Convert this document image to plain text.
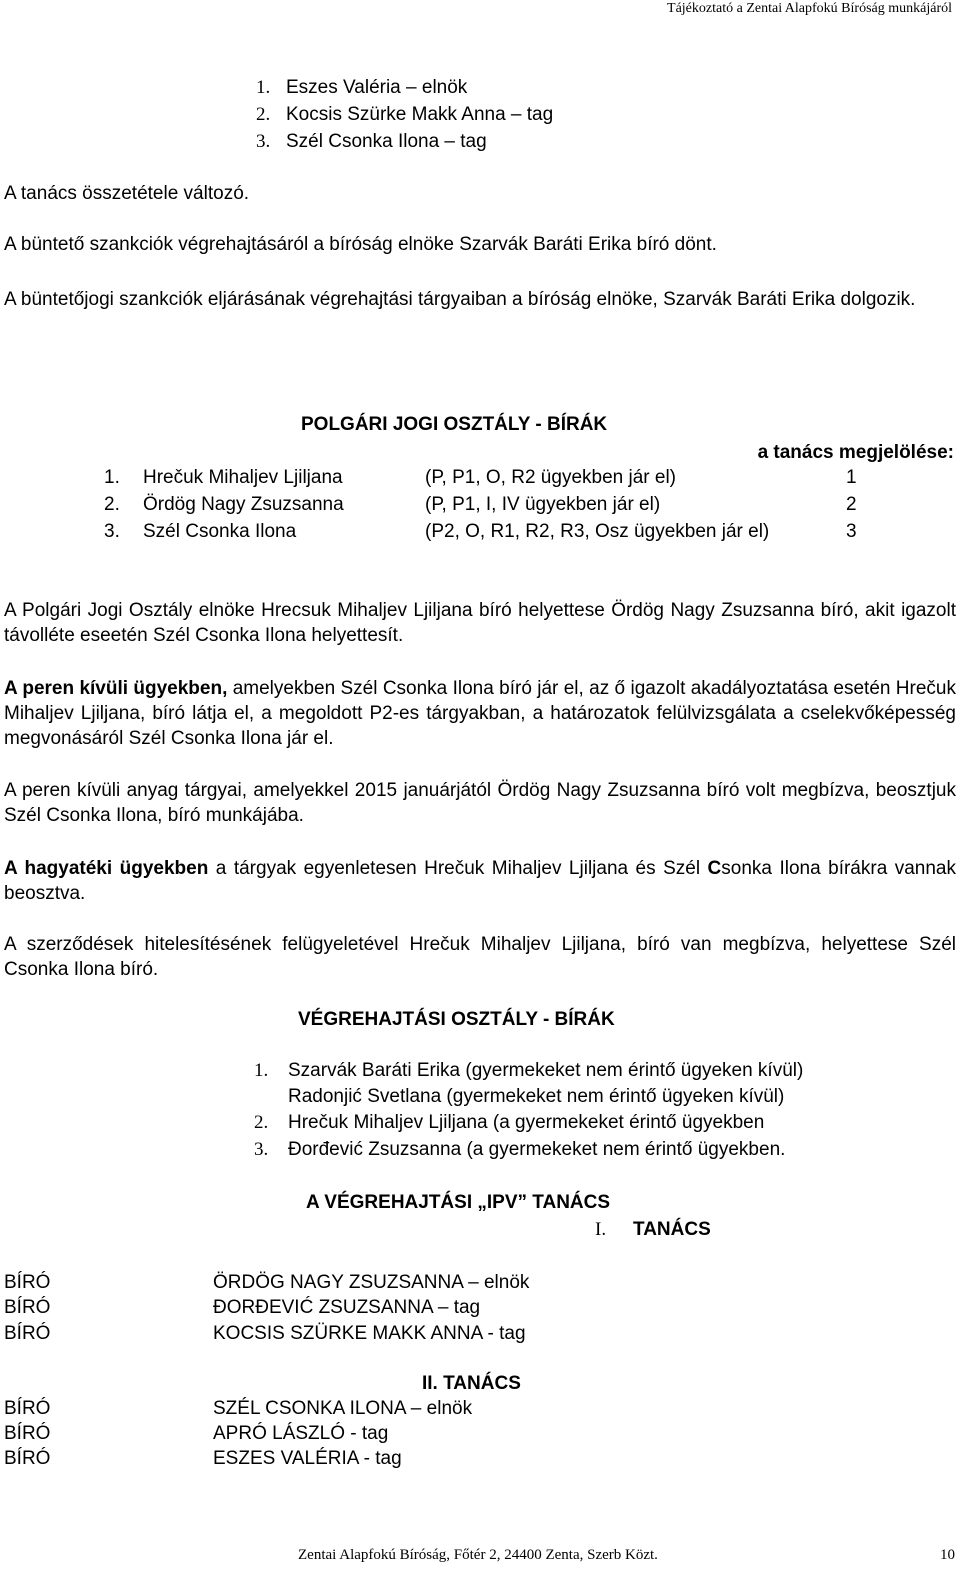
Tájékoztató a Zentai Alapfokú Bíróság munkájáról
1. Eszes Valéria – elnök
2. Kocsis Szürke Makk Anna – tag
3. Szél Csonka Ilona – tag
A tanács összetétele változó.
A büntető szankciók végrehajtásáról a bíróság elnöke Szarvák Baráti Erika bíró dönt.
A büntetőjogi szankciók eljárásának végrehajtási tárgyaiban a bíróság elnöke, Szarvák Baráti Erika dolgozik.
POLGÁRI JOGI OSZTÁLY - BÍRÁK
a tanács megjelölése:
1. Hrečuk Mihaljev Ljiljana	(P, P1, O, R2 ügyekben jár el)	1
2. Ördög Nagy Zsuzsanna	(P, P1, I, IV ügyekben jár el)	2
3. Szél Csonka Ilona	(P2, O, R1, R2, R3, Osz ügyekben jár el)	3
A Polgári Jogi Osztály elnöke Hrecsuk Mihaljev Ljiljana bíró helyettese Ördög Nagy Zsuzsanna bíró, akit igazolt távolléte eseetén Szél Csonka Ilona helyettesít.
A peren kívüli ügyekben, amelyekben Szél Csonka Ilona bíró jár el, az ő igazolt akadályoztatása esetén Hrečuk Mihaljev Ljiljana, bíró látja el, a megoldott P2-es tárgyakban, a határozatok felülvizsgálata a cselekvőképesség megvonásáról Szél Csonka Ilona jár el.
A peren kívüli anyag tárgyai, amelyekkel 2015 januárjától Ördög Nagy Zsuzsanna bíró volt megbízva, beosztjuk Szél Csonka Ilona, bíró munkájába.
A hagyatéki ügyekben a tárgyak egyenletesen Hrečuk Mihaljev Ljiljana és Szél Csonka Ilona bírákra vannak beosztva.
A szerződések hitelesítésének felügyeletével Hrečuk Mihaljev Ljiljana, bíró van megbízva, helyettese Szél Csonka Ilona bíró.
VÉGREHAJTÁSI OSZTÁLY - BÍRÁK
1. Szarvák Baráti Erika (gyermekeket nem érintő ügyeken kívül)
Radonjić Svetlana (gyermekeket nem érintő ügyeken kívül)
2. Hrečuk Mihaljev Ljiljana (a gyermekeket érintő ügyekben
3. Đorđević Zsuzsanna (a gyermekeket nem érintő ügyekben.
A VÉGREHAJTÁSI „IPV” TANÁCS
I. TANÁCS
BÍRÓ	ÖRDÖG NAGY ZSUZSANNA – elnök
BÍRÓ	ĐORĐEVIĆ ZSUZSANNA – tag
BÍRÓ	KOCSIS SZÜRKE MAKK ANNA - tag
II. TANÁCS
BÍRÓ	SZÉL CSONKA ILONA – elnök
BÍRÓ	APRÓ LÁSZLÓ - tag
BÍRÓ	ESZES VALÉRIA - tag
Zentai Alapfokú Bíróság, Főtér 2, 24400 Zenta, Szerb Közt.	10
